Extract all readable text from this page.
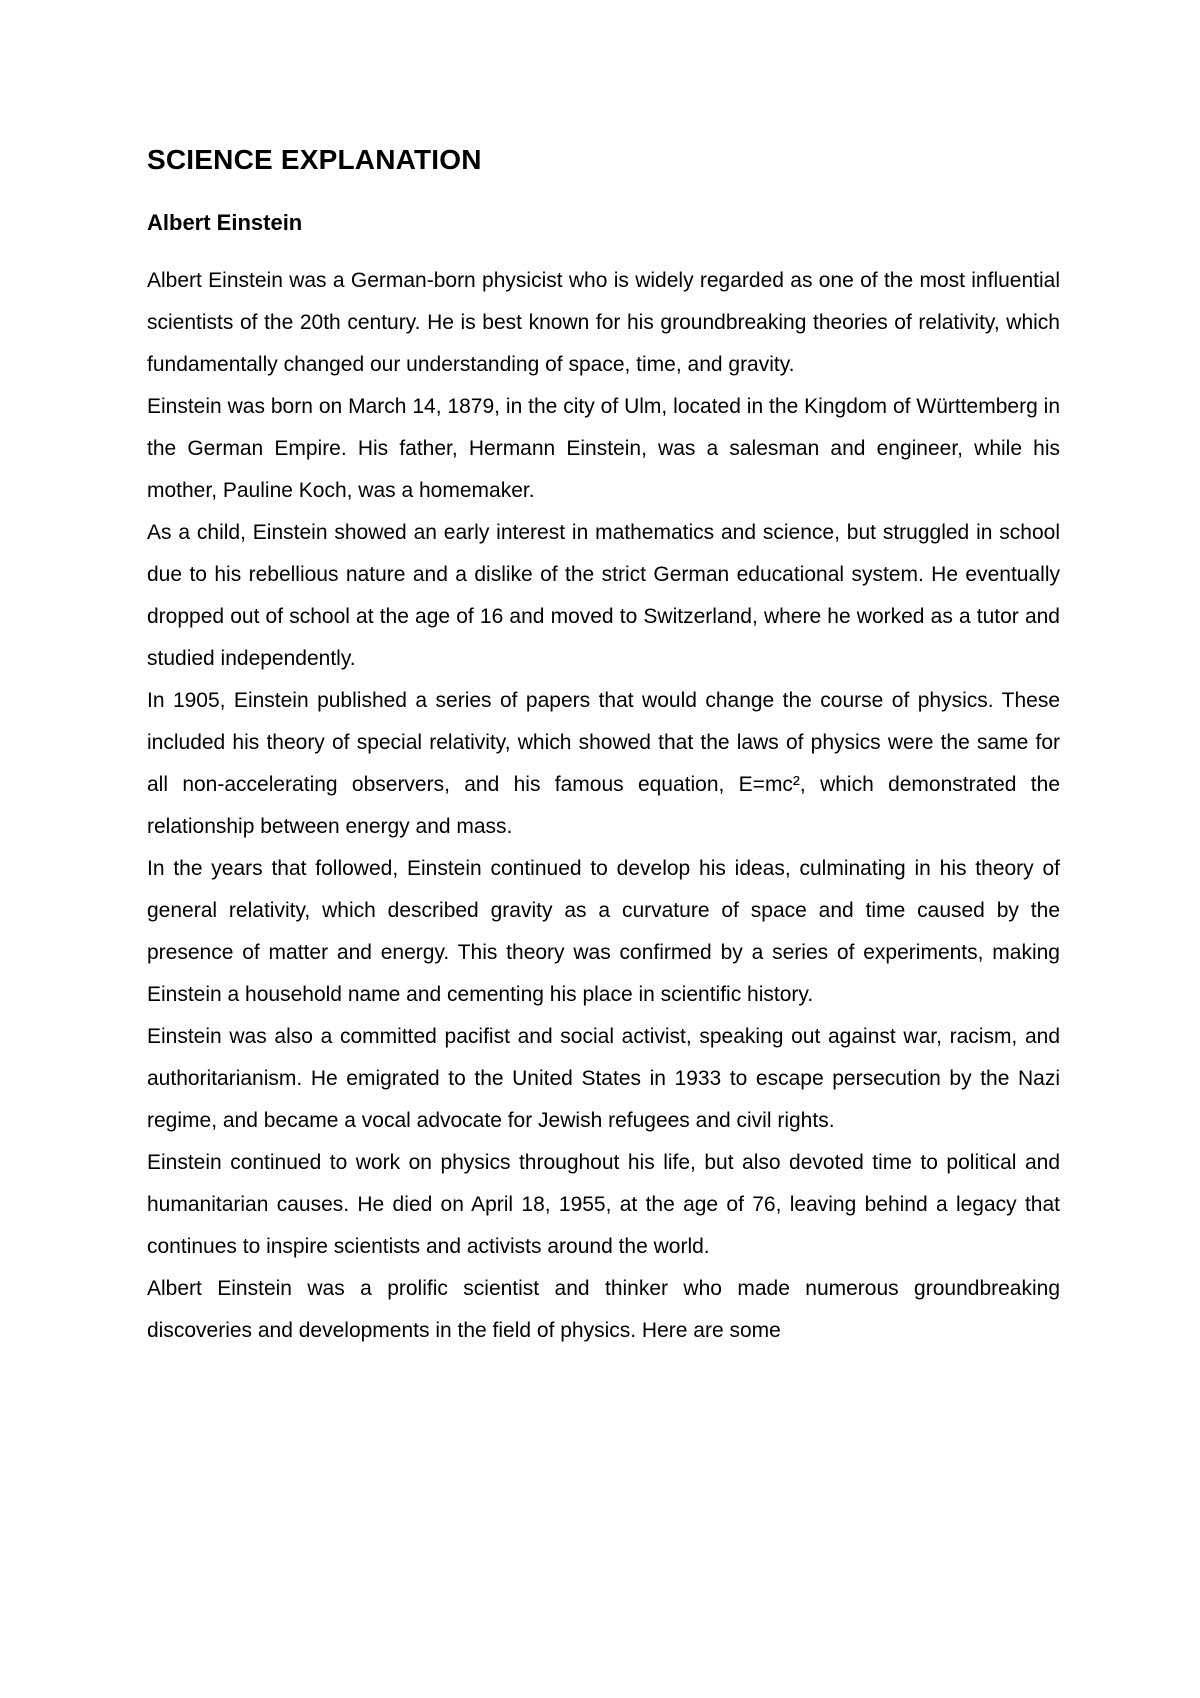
SCIENCE EXPLANATION
Albert Einstein

Albert Einstein was a German-born physicist who is widely regarded as one of the most influential scientists of the 20th century. He is best known for his groundbreaking theories of relativity, which fundamentally changed our understanding of space, time, and gravity.

Einstein was born on March 14, 1879, in the city of Ulm, located in the Kingdom of Württemberg in the German Empire. His father, Hermann Einstein, was a salesman and engineer, while his mother, Pauline Koch, was a homemaker.

As a child, Einstein showed an early interest in mathematics and science, but struggled in school due to his rebellious nature and a dislike of the strict German educational system. He eventually dropped out of school at the age of 16 and moved to Switzerland, where he worked as a tutor and studied independently.

In 1905, Einstein published a series of papers that would change the course of physics. These included his theory of special relativity, which showed that the laws of physics were the same for all non-accelerating observers, and his famous equation, E=mc², which demonstrated the relationship between energy and mass.

In the years that followed, Einstein continued to develop his ideas, culminating in his theory of general relativity, which described gravity as a curvature of space and time caused by the presence of matter and energy. This theory was confirmed by a series of experiments, making Einstein a household name and cementing his place in scientific history.

Einstein was also a committed pacifist and social activist, speaking out against war, racism, and authoritarianism. He emigrated to the United States in 1933 to escape persecution by the Nazi regime, and became a vocal advocate for Jewish refugees and civil rights.

Einstein continued to work on physics throughout his life, but also devoted time to political and humanitarian causes. He died on April 18, 1955, at the age of 76, leaving behind a legacy that continues to inspire scientists and activists around the world.

Albert Einstein was a prolific scientist and thinker who made numerous groundbreaking discoveries and developments in the field of physics. Here are some
